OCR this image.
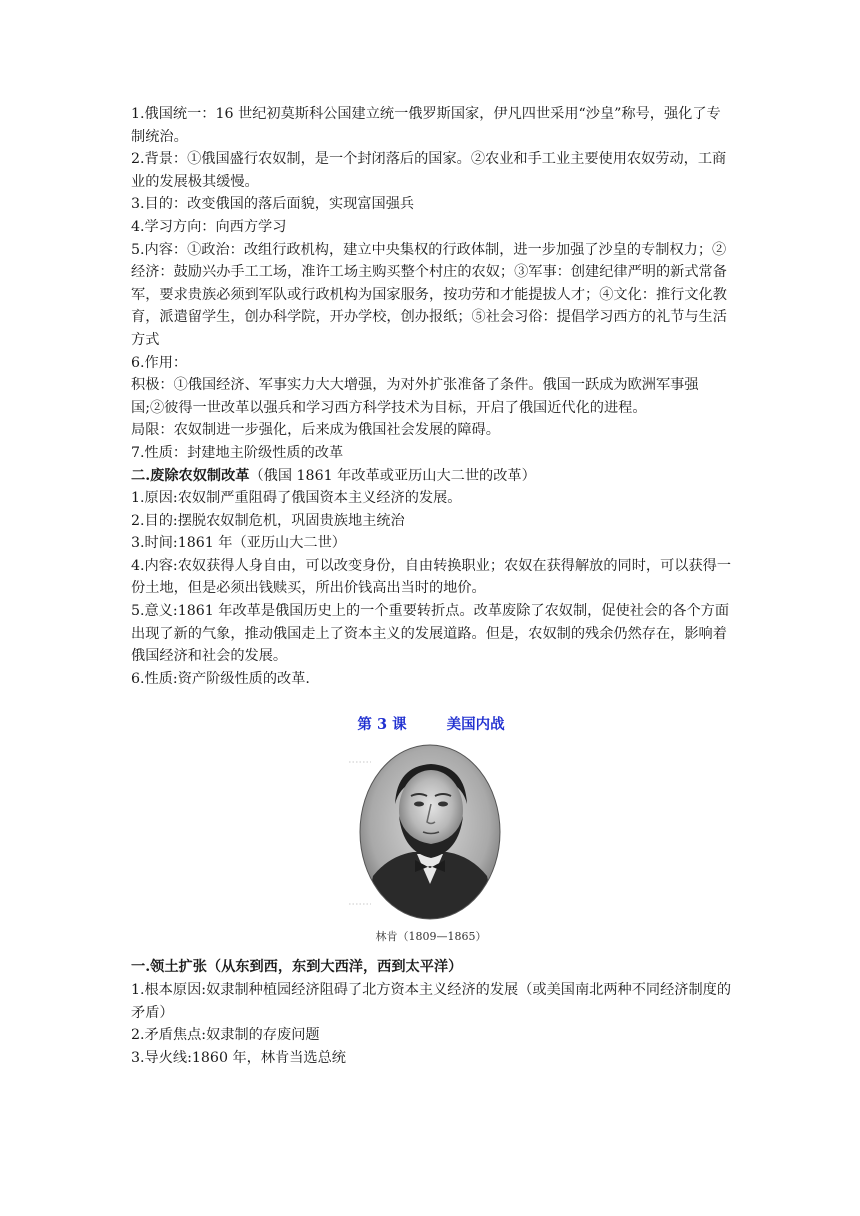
1.俄国统一：16 世纪初莫斯科公国建立统一俄罗斯国家，伊凡四世采用“沙皇”称号，强化了专制统治。

2.背景：①俄国盛行农奴制，是一个封闭落后的国家。②农业和手工业主要使用农奴劳动，工商业的发展极其缓慢。

3.目的：改变俄国的落后面貌，实现富国强兵

4.学习方向：向西方学习

5.内容：①政治：改组行政机构，建立中央集权的行政体制，进一步加强了沙皇的专制权力；②经济：鼓励兴办手工工场，准许工场主购买整个村庄的农奴；③军事：创建纪律严明的新式常备军，要求贵族必须到军队或行政机构为国家服务，按功劳和才能提拔人才；④文化：推行文化教育，派遣留学生，创办科学院，开办学校，创办报纸；⑤社会习俗：提倡学习西方的礼节与生活方式

6.作用：

积极：①俄国经济、军事实力大大增强，为对外扩张准备了条件。俄国一跃成为欧洲军事强国;②彼得一世改革以强兵和学习西方科学技术为目标，开启了俄国近代化的进程。

局限：农奴制进一步强化，后来成为俄国社会发展的障碍。

7.性质：封建地主阶级性质的改革

二.废除农奴制改革（俄国 1861 年改革或亚历山大二世的改革）

1.原因:农奴制严重阻碍了俄国资本主义经济的发展。

2.目的:摆脱农奴制危机，巩固贵族地主统治

3.时间:1861 年（亚历山大二世）

4.内容:农奴获得人身自由，可以改变身份，自由转换职业；农奴在获得解放的同时，可以获得一份土地，但是必须出钱赎买，所出价钱高出当时的地价。

5.意义:1861 年改革是俄国历史上的一个重要转折点。改革废除了农奴制，促使社会的各个方面出现了新的气象，推动俄国走上了资本主义的发展道路。但是，农奴制的残余仍然存在，影响着俄国经济和社会的发展。

6.性质:资产阶级性质的改革.

第 3 课	美国内战
林肯（1809—1865）

一.领土扩张（从东到西，东到大西洋，西到太平洋）

1.根本原因:奴隶制种植园经济阻碍了北方资本主义经济的发展（或美国南北两种不同经济制度的矛盾）

2.矛盾焦点:奴隶制的存废问题

3.导火线:1860 年，林肯当选总统
